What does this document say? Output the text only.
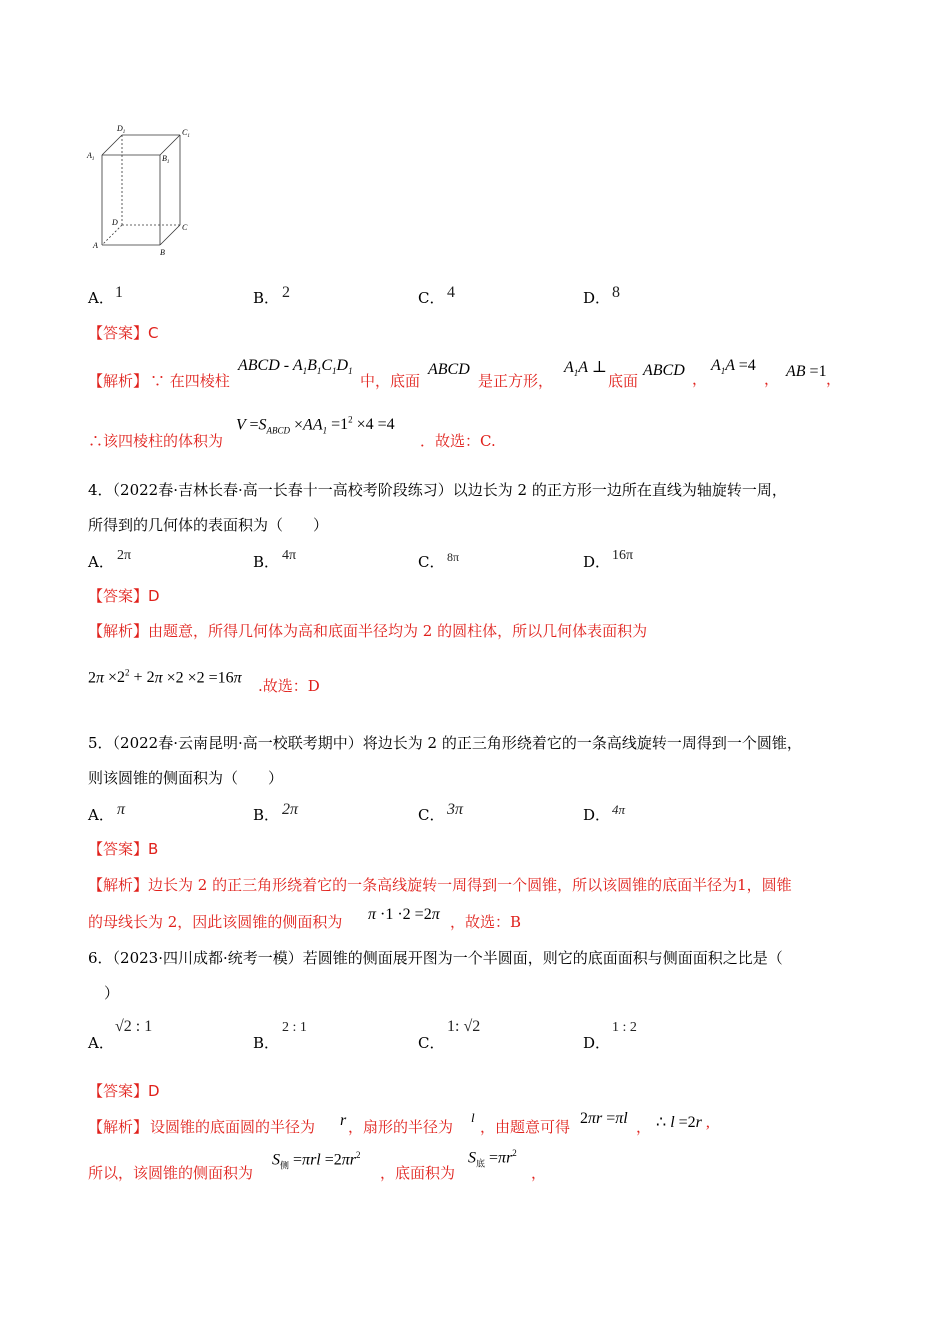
$D_1$	$C_1$
$A_1$	$B_1$
D
C
A
B
A． 1	B． 2	C． 4	D． 8
【答案】C
【解析】 ∵ 在四棱柱
ABCD - $A_1B_1C_1D_1$
中，底面
ABCD
是正方形，
$A_1A$ ⊥
底面
ABCD ，
$A_1A =4$
， AB =1 ，
∴该四棱柱的体积为
$V =S_{ABCD} \times AA_1 =1^2 \times 4 =4$
．故选：C.
4．（2022春·吉林长春·高一长春十一高校考阶段练习）以边长为 2 的正方形一边所在直线为轴旋转一周，
所得到的几何体的表面积为（　　）
A． 2π	B． 4π	C． 8π	D． 16π
【答案】D
【解析】由题意，所得几何体为高和底面半径均为 2 的圆柱体，所以几何体表面积为
$2\pi \times 2^2 + 2\pi \times 2 \times 2 =16\pi$ .故选：D
5．（2022春·云南昆明·高一校联考期中）将边长为 2 的正三角形绕着它的一条高线旋转一周得到一个圆锥，
则该圆锥的侧面积为（　　）
A． π	B． 2π	C． 3π	D． 4π
【答案】B
【解析】边长为 2 的正三角形绕着它的一条高线旋转一周得到一个圆锥，所以该圆锥的底面半径为1，圆锥
的母线长为 2，因此该圆锥的侧面积为 π ·1 ·2 =2π ，故选：B
6．（2023·四川成都·统考一模）若圆锥的侧面展开图为一个半圆面，则它的底面面积与侧面面积之比是（
）
A．
√2 : 1
B．
2 : 1
C．
1: √2
D．
1 : 2
【答案】D
【解析】 设圆锥的底面圆的半径为 r ，扇形的半径为
l
，由题意可得 2πr =πl ， ∴ l =2r ,
所以，该圆锥的侧面积为
$S_侧 =\pi rl =2\pi r^2$
，底面积为
$S_底 =\pi r^2$
，
